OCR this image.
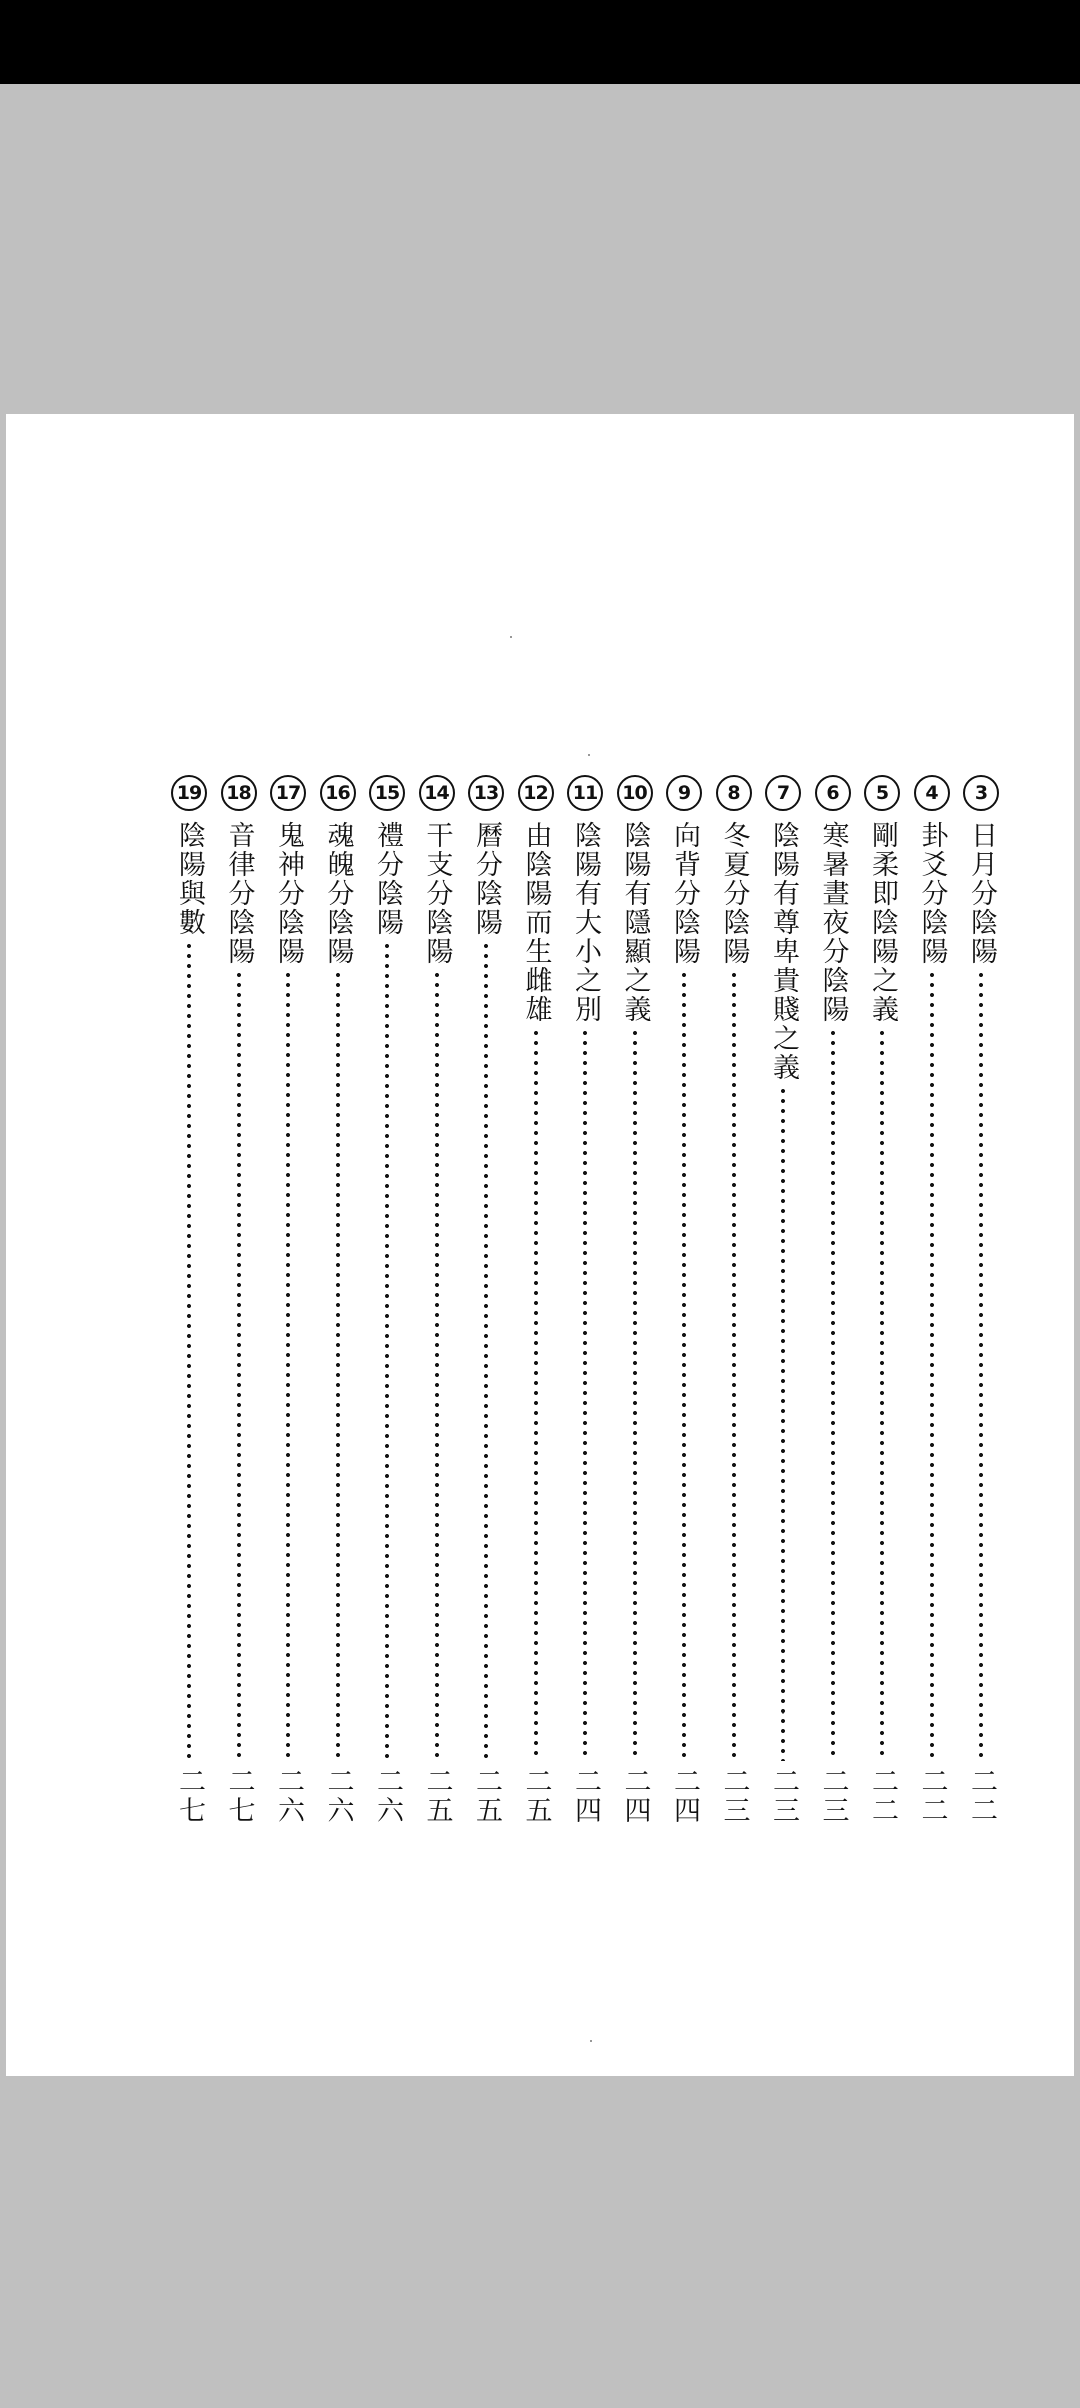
3
日月分陰陽
二二
4
卦爻分陰陽
二二
5
剛柔即陰陽之義
二二
6
寒暑晝夜分陰陽
二三
7
陰陽有尊卑貴賤之義
二三
8
冬夏分陰陽
二三
9
向背分陰陽
二四
10
陰陽有隱顯之義
二四
11
陰陽有大小之別
二四
12
由陰陽而生雌雄
二五
13
曆分陰陽
二五
14
干支分陰陽
二五
15
禮分陰陽
二六
16
魂魄分陰陽
二六
17
鬼神分陰陽
二六
18
音律分陰陽
二七
19
陰陽與數
二七
